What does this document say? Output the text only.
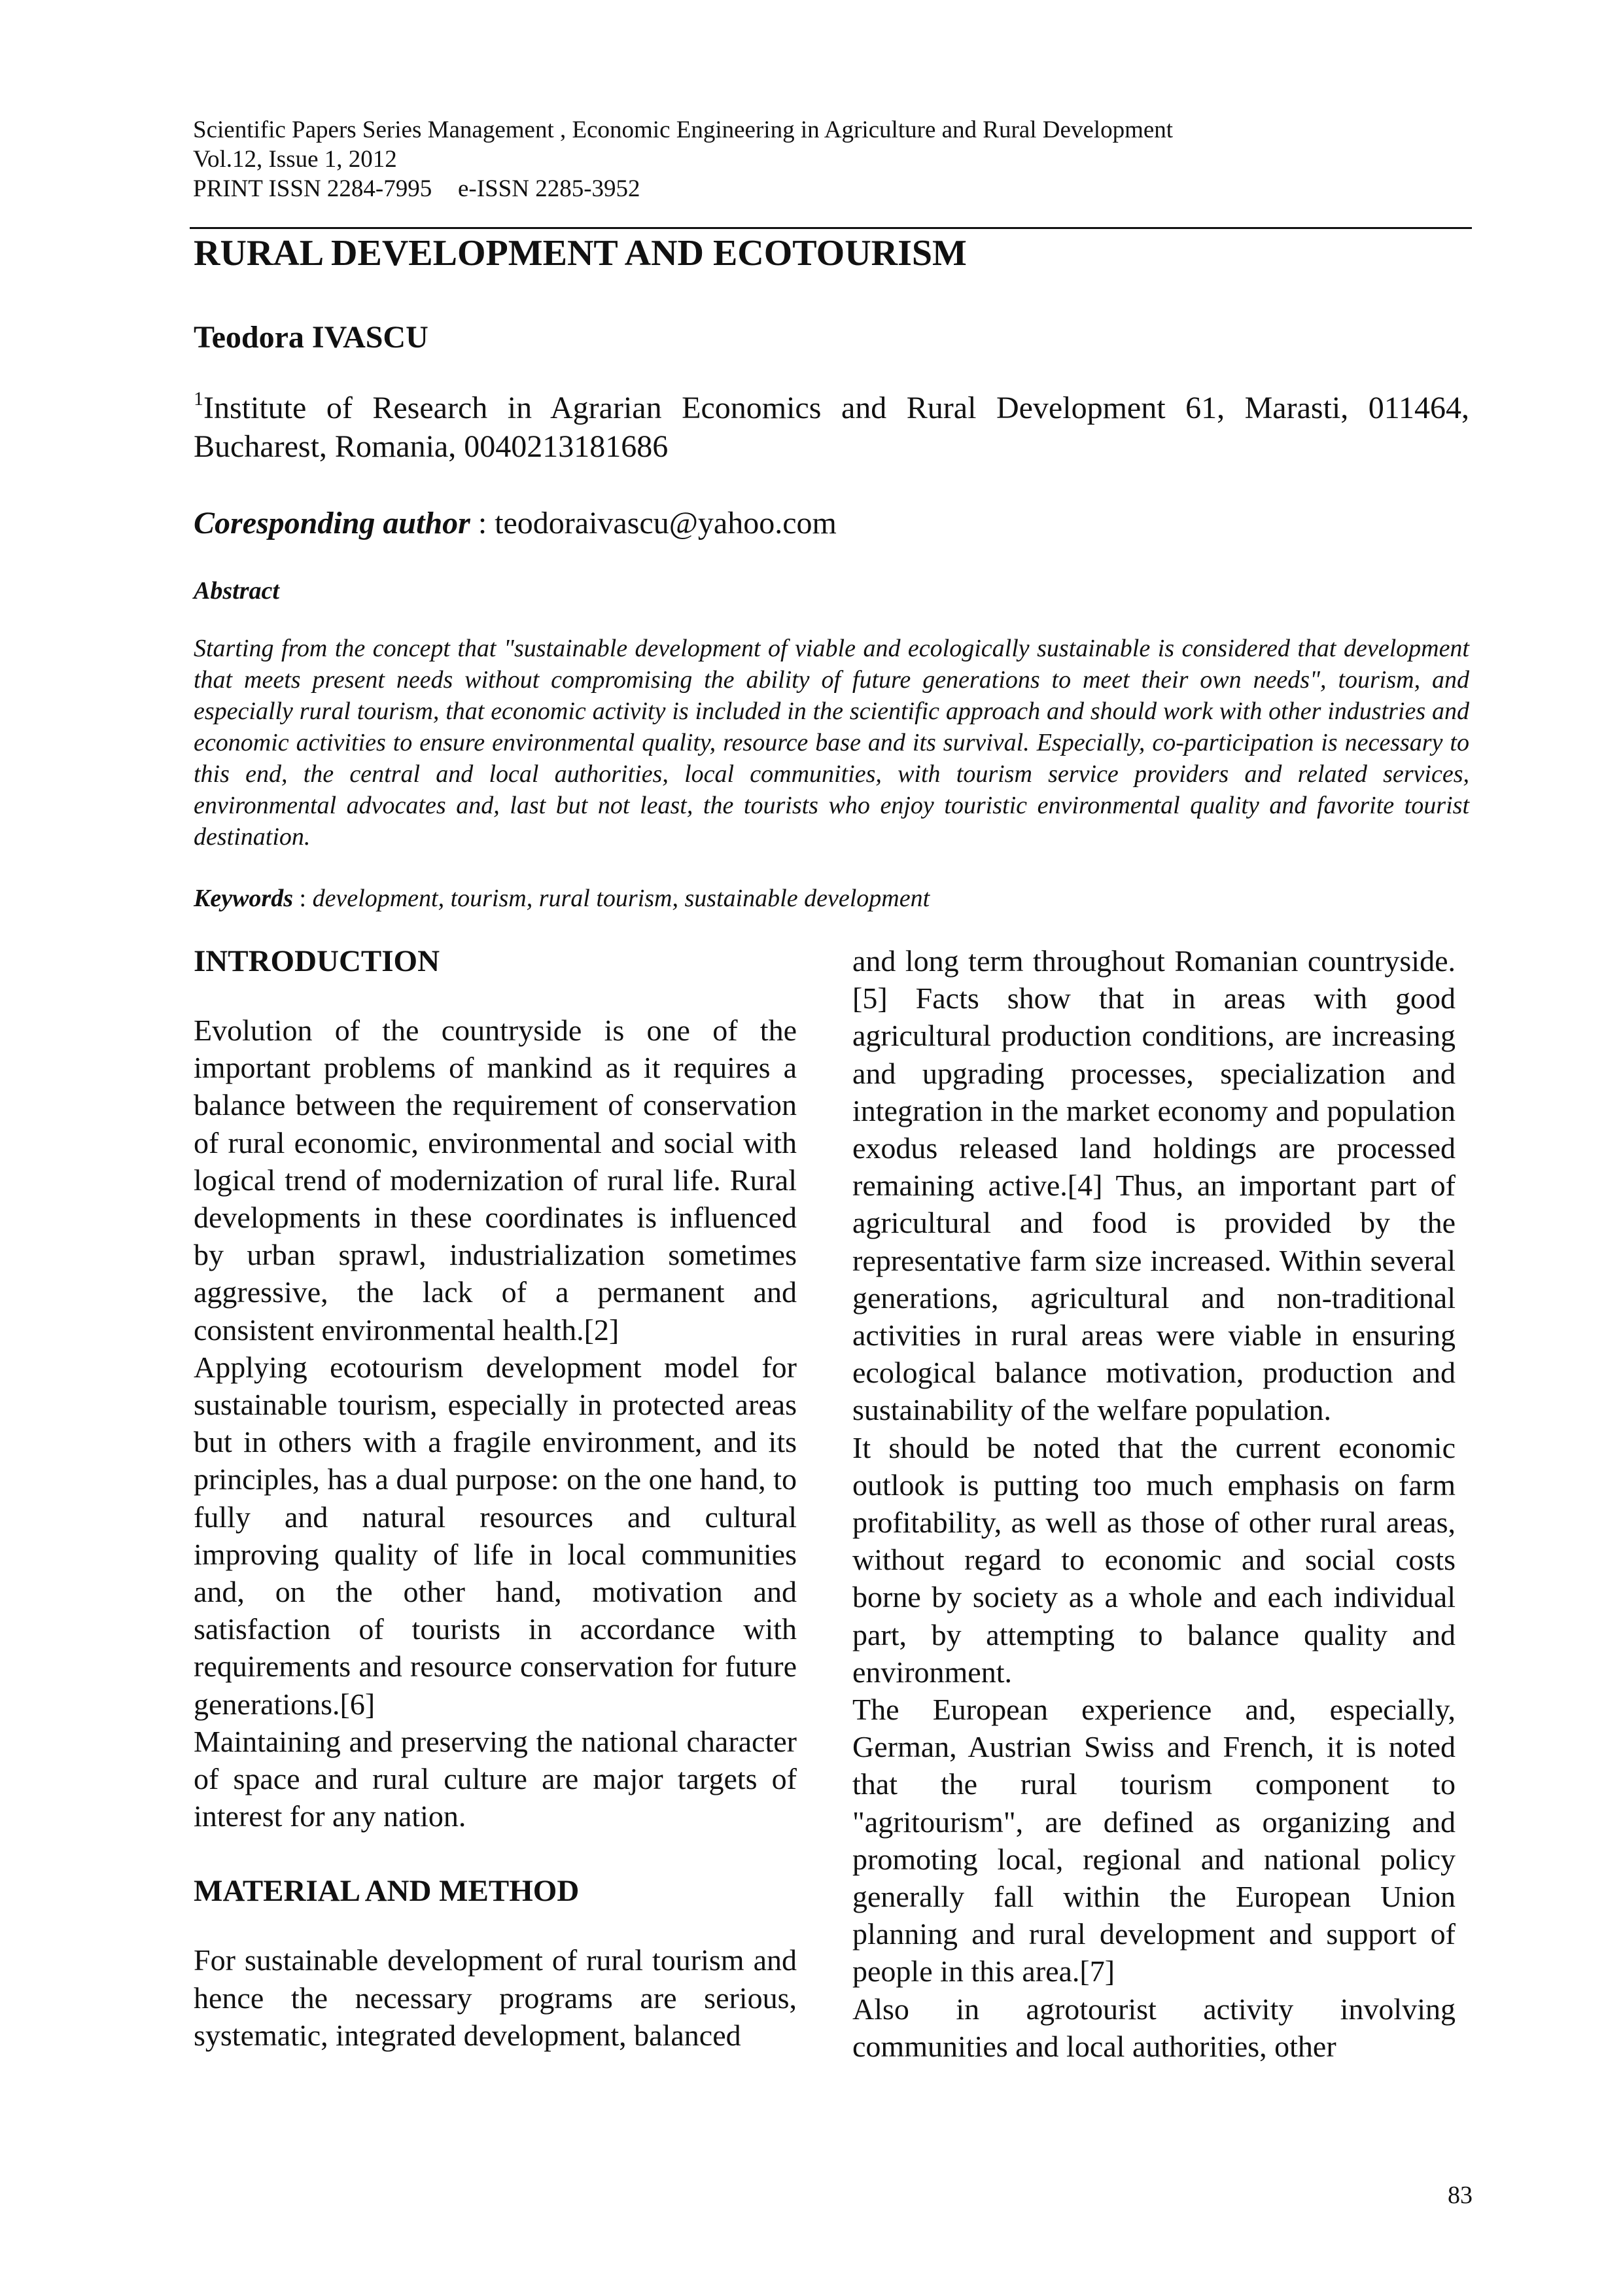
Scientific Papers Series Management , Economic Engineering in Agriculture and Rural Development
Vol.12, Issue 1, 2012
PRINT ISSN 2284-7995 e-ISSN 2285-3952
RURAL DEVELOPMENT AND ECOTOURISM

Teodora IVASCU

$^1$Institute of Research in Agrarian Economics and Rural Development 61, Marasti, 011464, Bucharest, Romania, 0040213181686

Coresponding author : teodoraivascu@yahoo.com

Abstract

Starting from the concept that "sustainable development of viable and ecologically sustainable is considered that development that meets present needs without compromising the ability of future generations to meet their own needs", tourism, and especially rural tourism, that economic activity is included in the scientific approach and should work with other industries and economic activities to ensure environmental quality, resource base and its survival. Especially, co-participation is necessary to this end, the central and local authorities, local communities, with tourism service providers and related services, environmental advocates and, last but not least, the tourists who enjoy touristic environmental quality and favorite tourist destination.

Keywords : development, tourism, rural tourism, sustainable development

INTRODUCTION

Evolution of the countryside is one of the important problems of mankind as it requires a balance between the requirement of conservation of rural economic, environmental and social with logical trend of modernization of rural life. Rural developments in these coordinates is influenced by urban sprawl, industrialization sometimes aggressive, the lack of a permanent and consistent environmental health.[2]

Applying ecotourism development model for sustainable tourism, especially in protected areas but in others with a fragile environment, and its principles, has a dual purpose: on the one hand, to fully and natural resources and cultural improving quality of life in local communities and, on the other hand, motivation and satisfaction of tourists in accordance with requirements and resource conservation for future generations.[6]

Maintaining and preserving the national character of space and rural culture are major targets of interest for any nation.

MATERIAL AND METHOD

For sustainable development of rural tourism and hence the necessary programs are serious, systematic, integrated development, balanced

and long term throughout Romanian countryside.[5] Facts show that in areas with good agricultural production conditions, are increasing and upgrading processes, specialization and integration in the market economy and population exodus released land holdings are processed remaining active.[4] Thus, an important part of agricultural and food is provided by the representative farm size increased. Within several generations, agricultural and non-traditional activities in rural areas were viable in ensuring ecological balance motivation, production and sustainability of the welfare population.

It should be noted that the current economic outlook is putting too much emphasis on farm profitability, as well as those of other rural areas, without regard to economic and social costs borne by society as a whole and each individual part, by attempting to balance quality and environment.

The European experience and, especially, German, Austrian Swiss and French, it is noted that the rural tourism component to "agritourism", are defined as organizing and promoting local, regional and national policy generally fall within the European Union planning and rural development and support of people in this area.[7]

Also in agrotourist activity involving communities and local authorities, other

83
